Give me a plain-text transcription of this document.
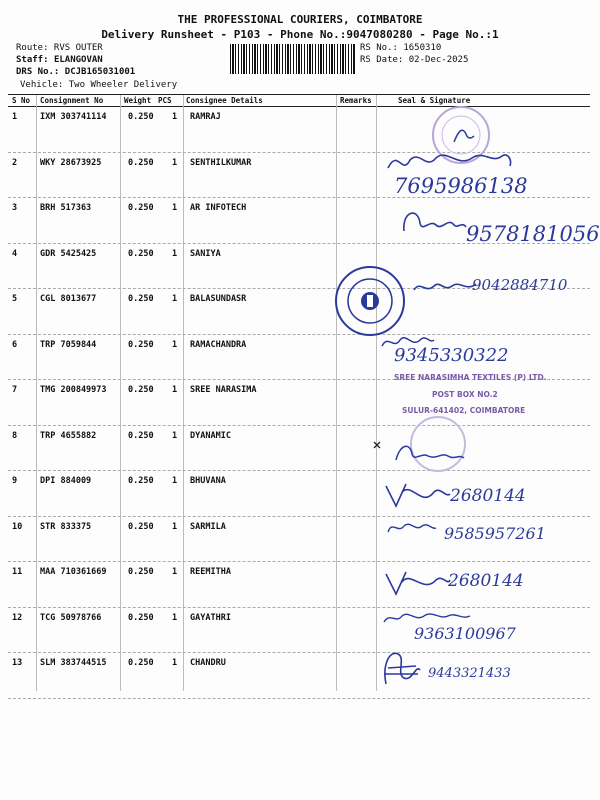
THE PROFESSIONAL COURIERS, COIMBATORE
Delivery Runsheet - P103 - Phone No.:9047080280 - Page No.:1
Route: RVS OUTER
Staff: ELANGOVAN
DRS No.: DCJB165031001
Vehicle: Two Wheeler Delivery
RS No.: 1650310
RS Date: 02-Dec-2025
S No Consignment No	Weight PCS Consignee Details	Remarks	Seal & Signature
1	IXM 303741114	0.250 1 RAMRAJ
2	WKY 28673925	0.250 1 SENTHILKUMAR
3	BRH 517363	0.250 1 AR INFOTECH
4	GDR 5425425	0.250 1 SANIYA
5	CGL 8013677	0.250 1 BALASUNDASR
6	TRP 7059844	0.250 1 RAMACHANDRA
7	TMG 200849973	0.250 1 SREE NARASIMA
8	TRP 4655882	0.250 1 DYANAMIC
9	DPI 884009	0.250 1 BHUVANA
10 STR 833375	0.250 1 SARMILA
11 MAA 710361669	0.250 1 REEMITHA
12 TCG 50978766	0.250 1 GAYATHRI
13 SLM 383744515	0.250 1 CHANDRU
7695986138
9578181056
9042884710
9345330322
SREE NARASIMHA TEXTILES (P) LTD.
POST BOX NO.2
SULUR-641402, COIMBATORE
2680144
9585957261
2680144
9363100967
9443321433
